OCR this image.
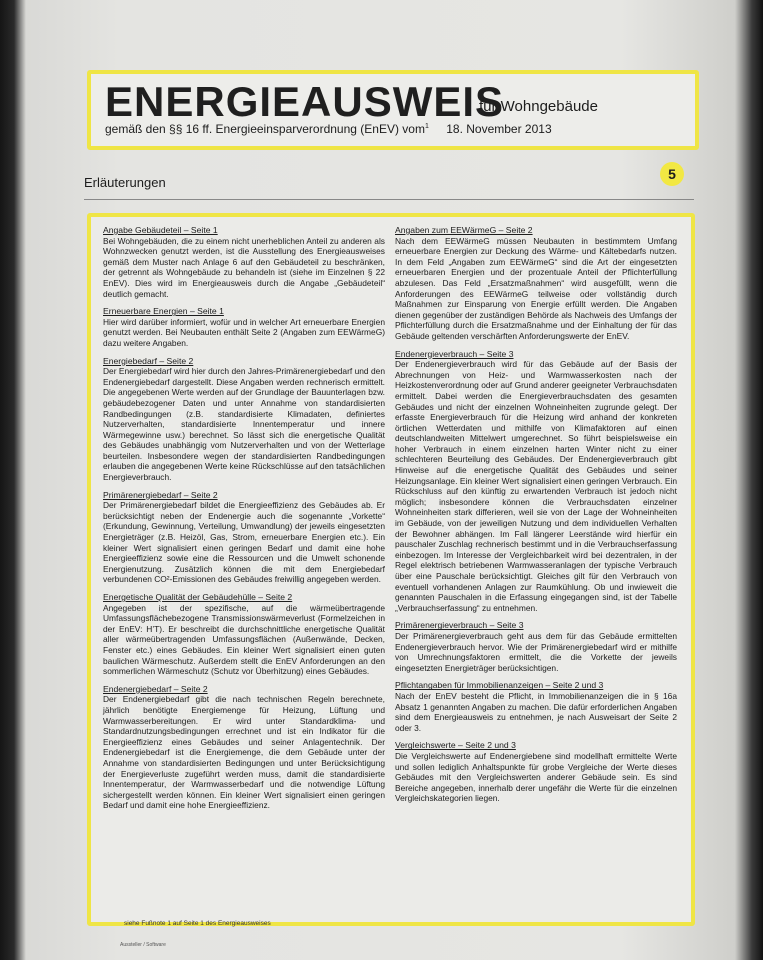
ENERGIEAUSWEIS
für Wohngebäude
gemäß den §§ 16 ff. Energieeinsparverordnung (EnEV) vom$^1$ 18. November 2013
Erläuterungen
5
Angabe Gebäudeteil – Seite 1

Bei Wohngebäuden, die zu einem nicht unerheblichen Anteil zu anderen als Wohnzwecken genutzt werden, ist die Ausstellung des Energieausweises gemäß dem Muster nach Anlage 6 auf den Gebäudeteil zu beschränken, der getrennt als Wohngebäude zu behandeln ist (siehe im Einzelnen § 22 EnEV). Dies wird im Energieausweis durch die Angabe „Gebäudeteil“ deutlich gemacht.

Erneuerbare Energien – Seite 1

Hier wird darüber informiert, wofür und in welcher Art erneuerbare Energien genutzt werden. Bei Neubauten enthält Seite 2 (Angaben zum EEWärmeG) dazu weitere Angaben.

Energiebedarf – Seite 2

Der Energiebedarf wird hier durch den Jahres-Primärenergiebedarf und den Endenergiebedarf dargestellt. Diese Angaben werden rechnerisch ermittelt. Die angegebenen Werte werden auf der Grundlage der Bauunterlagen bzw. gebäudebezogener Daten und unter Annahme von standardisierten Randbedingungen (z.B. standardisierte Klimadaten, definiertes Nutzerverhalten, standardisierte Innentemperatur und innere Wärmegewinne usw.) berechnet. So lässt sich die energetische Qualität des Gebäudes unabhängig vom Nutzerverhalten und von der Wetterlage beurteilen. Insbesondere wegen der standardisierten Randbedingungen erlauben die angegebenen Werte keine Rückschlüsse auf den tatsächlichen Energieverbrauch.

Primärenergiebedarf – Seite 2

Der Primärenergiebedarf bildet die Energieeffizienz des Gebäudes ab. Er berücksichtigt neben der Endenergie auch die sogenannte „Vorkette“ (Erkundung, Gewinnung, Verteilung, Umwandlung) der jeweils eingesetzten Energieträger (z.B. Heizöl, Gas, Strom, erneuerbare Energien etc.). Ein kleiner Wert signalisiert einen geringen Bedarf und damit eine hohe Energieeffizienz sowie eine die Ressourcen und die Umwelt schonende Energienutzung. Zusätzlich können die mit dem Energiebedarf verbundenen CO²-Emissionen des Gebäudes freiwillig angegeben werden.

Energetische Qualität der Gebäudehülle – Seite 2

Angegeben ist der spezifische, auf die wärmeübertragende Umfassungsflächebezogene Transmissionswärmeverlust (Formelzeichen in der EnEV: H’T). Er beschreibt die durchschnittliche energetische Qualität aller wärmeübertragenden Umfassungsflächen (Außenwände, Decken, Fenster etc.) eines Gebäudes. Ein kleiner Wert signalisiert einen guten baulichen Wärmeschutz. Außerdem stellt die EnEV Anforderungen an den sommerlichen Wärmeschutz (Schutz vor Überhitzung) eines Gebäudes.

Endenergiebedarf – Seite 2

Der Endenergiebedarf gibt die nach technischen Regeln berechnete, jährlich benötigte Energiemenge für Heizung, Lüftung und Warmwasserbereitungen. Er wird unter Standardklima- und Standardnutzungsbedingungen errechnet und ist ein Indikator für die Energieeffizienz eines Gebäudes und seiner Anlagentechnik. Der Endenergiebedarf ist die Energiemenge, die dem Gebäude unter der Annahme von standardisierten Bedingungen und unter Berücksichtigung der Energieverluste zugeführt werden muss, damit die standardisierte Innentemperatur, der Warmwasserbedarf und die notwendige Lüftung sichergestellt werden können. Ein kleiner Wert signalisiert einen geringen Bedarf und damit eine hohe Energieeffizienz.

Angaben zum EEWärmeG – Seite 2

Nach dem EEWärmeG müssen Neubauten in bestimmtem Umfang erneuerbare Energien zur Deckung des Wärme- und Kältebedarfs nutzen. In dem Feld „Angaben zum EEWärmeG“ sind die Art der eingesetzten erneuerbaren Energien und der prozentuale Anteil der Pflichterfüllung abzulesen. Das Feld „Ersatzmaßnahmen“ wird ausgefüllt, wenn die Anforderungen des EEWärmeG teilweise oder vollständig durch Maßnahmen zur Einsparung von Energie erfüllt werden. Die Angaben dienen gegenüber der zuständigen Behörde als Nachweis des Umfangs der Pflichterfüllung durch die Ersatzmaßnahme und der Einhaltung der für das Gebäude geltenden verschärften Anforderungswerte der EnEV.

Endenergieverbrauch – Seite 3

Der Endenergieverbrauch wird für das Gebäude auf der Basis der Abrechnungen von Heiz- und Warmwasserkosten nach der Heizkostenverordnung oder auf Grund anderer geeigneter Verbrauchsdaten ermittelt. Dabei werden die Energieverbrauchsdaten des gesamten Gebäudes und nicht der einzelnen Wohneinheiten zugrunde gelegt. Der erfasste Energieverbrauch für die Heizung wird anhand der konkreten örtlichen Wetterdaten und mithilfe von Klimafaktoren auf einen deutschlandweiten Mittelwert umgerechnet. So führt beispielsweise ein hoher Verbrauch in einem einzelnen harten Winter nicht zu einer schlechteren Beurteilung des Gebäudes. Der Endenergieverbrauch gibt Hinweise auf die energetische Qualität des Gebäudes und seiner Heizungsanlage. Ein kleiner Wert signalisiert einen geringen Verbrauch. Ein Rückschluss auf den künftig zu erwartenden Verbrauch ist jedoch nicht möglich; insbesondere können die Verbrauchsdaten einzelner Wohneinheiten stark differieren, weil sie von der Lage der Wohneinheiten im Gebäude, von der jeweiligen Nutzung und dem individuellen Verhalten der Bewohner abhängen. Im Fall längerer Leerstände wird hierfür ein pauschaler Zuschlag rechnerisch bestimmt und in die Verbrauchserfassung einbezogen. Im Interesse der Vergleichbarkeit wird bei dezentralen, in der Regel elektrisch betriebenen Warmwasseranlagen der typische Verbrauch über eine Pauschale berücksichtigt. Gleiches gilt für den Verbrauch von eventuell vorhandenen Anlagen zur Raumkühlung. Ob und inwieweit die genannten Pauschalen in die Erfassung eingegangen sind, ist der Tabelle „Verbrauchserfassung“ zu entnehmen.

Primärenergieverbrauch – Seite 3

Der Primärenergieverbrauch geht aus dem für das Gebäude ermittelten Endenergieverbrauch hervor. Wie der Primärenergiebedarf wird er mithilfe von Umrechnungsfaktoren ermittelt, die die Vorkette der jeweils eingesetzten Energieträger berücksichtigen.

Pflichtangaben für Immobilienanzeigen – Seite 2 und 3

Nach der EnEV besteht die Pflicht, in Immobilienanzeigen die in § 16a Absatz 1 genannten Angaben zu machen. Die dafür erforderlichen Angaben sind dem Energieausweis zu entnehmen, je nach Ausweisart der Seite 2 oder 3.

Vergleichswerte – Seite 2 und 3

Die Vergleichswerte auf Endenergiebene sind modellhaft ermittelte Werte und sollen lediglich Anhaltspunkte für grobe Vergleiche der Werte dieses Gebäudes mit den Vergleichswerten anderer Gebäude sein. Es sind Bereiche angegeben, innerhalb derer ungefähr die Werte für die einzelnen Vergleichskategorien liegen.

siehe Fußnote 1 auf Seite 1 des Energieausweises
Aussteller / Software
